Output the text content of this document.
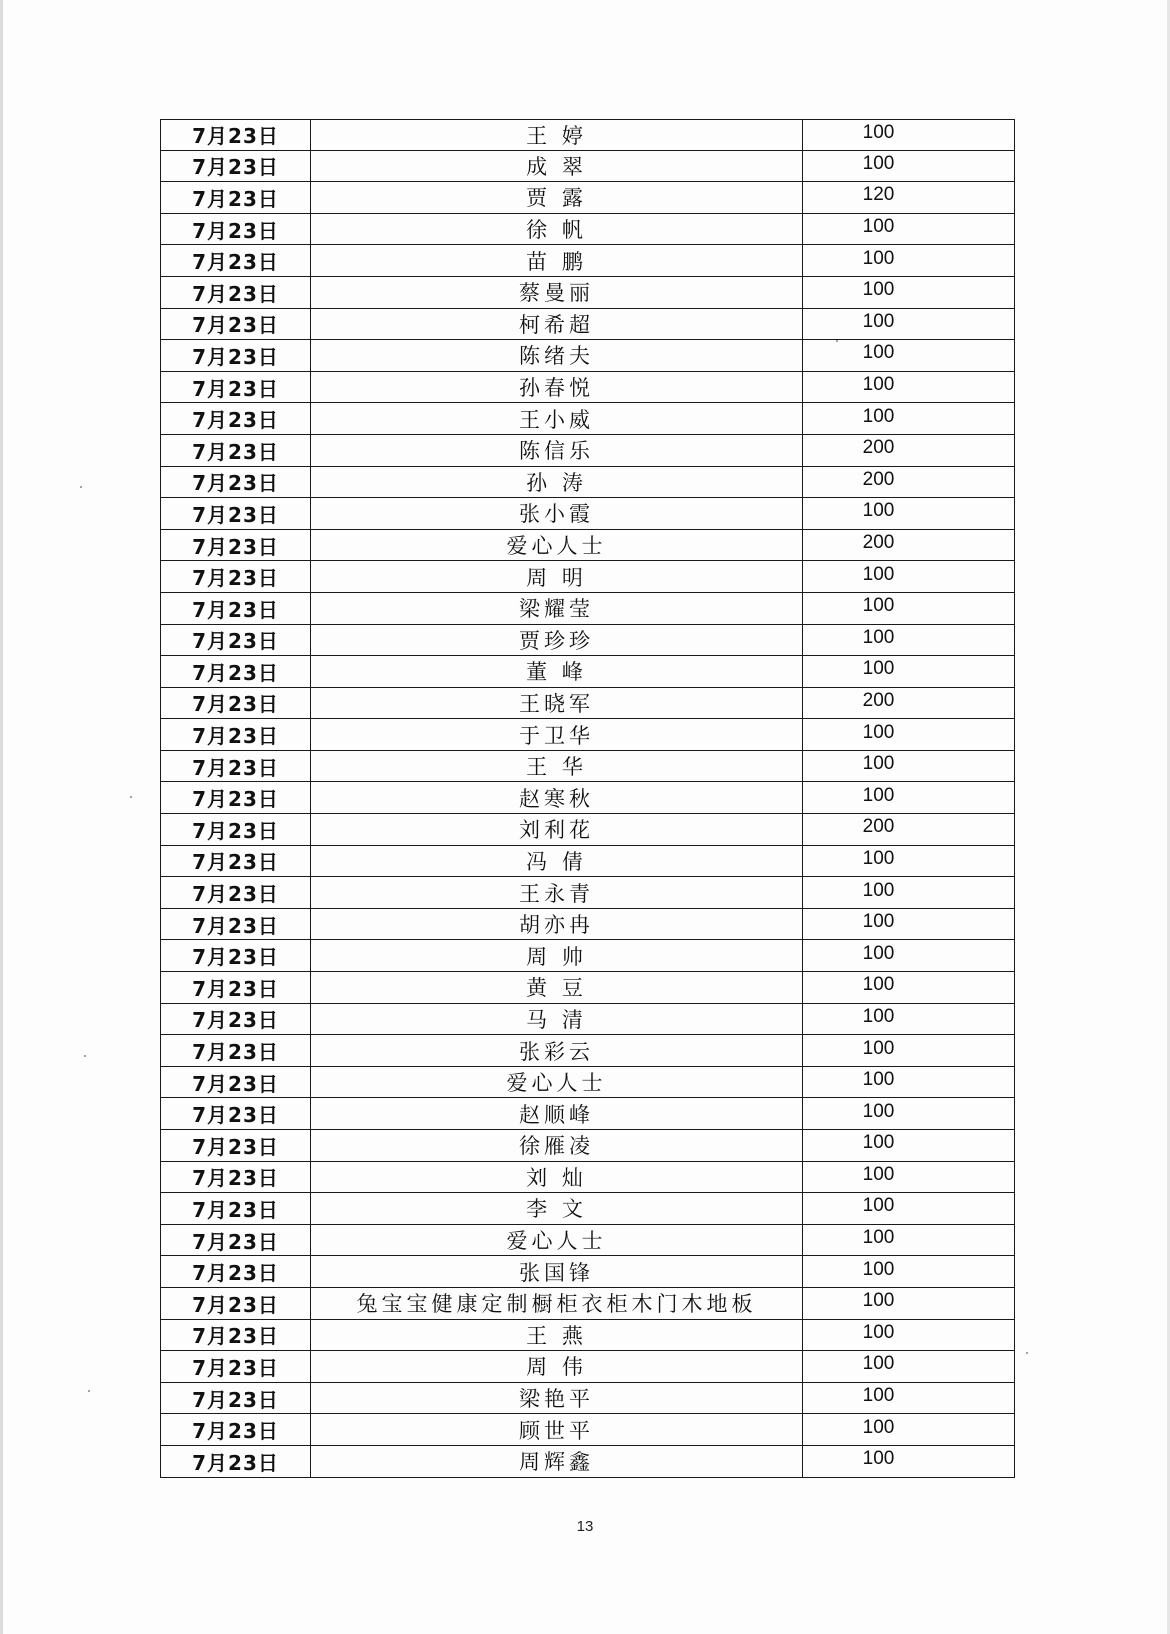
7月23日	王 婷	100
7月23日	成 翠	100
7月23日	贾 露	120
7月23日	徐 帆	100
7月23日	苗 鹏	100
7月23日	蔡曼丽	100
7月23日	柯希超	100
7月23日	陈绪夫	100
7月23日	孙春悦	100
7月23日	王小威	100
7月23日	陈信乐	200
7月23日	孙 涛	200
7月23日	张小霞	100
7月23日	爱心人士	200
7月23日	周 明	100
7月23日	梁耀莹	100
7月23日	贾珍珍	100
7月23日	董 峰	100
7月23日	王晓军	200
7月23日	于卫华	100
7月23日	王 华	100
7月23日	赵寒秋	100
7月23日	刘利花	200
7月23日	冯 倩	100
7月23日	王永青	100
7月23日	胡亦冉	100
7月23日	周 帅	100
7月23日	黄 豆	100
7月23日	马 清	100
7月23日	张彩云	100
7月23日	爱心人士	100
7月23日	赵顺峰	100
7月23日	徐雁凌	100
7月23日	刘 灿	100
7月23日	李 文	100
7月23日	爱心人士	100
7月23日	张国锋	100
7月23日	兔宝宝健康定制橱柜衣柜木门木地板	100
7月23日	王 燕	100
7月23日	周 伟	100
7月23日	梁艳平	100
7月23日	顾世平	100
7月23日	周辉鑫	100
13
